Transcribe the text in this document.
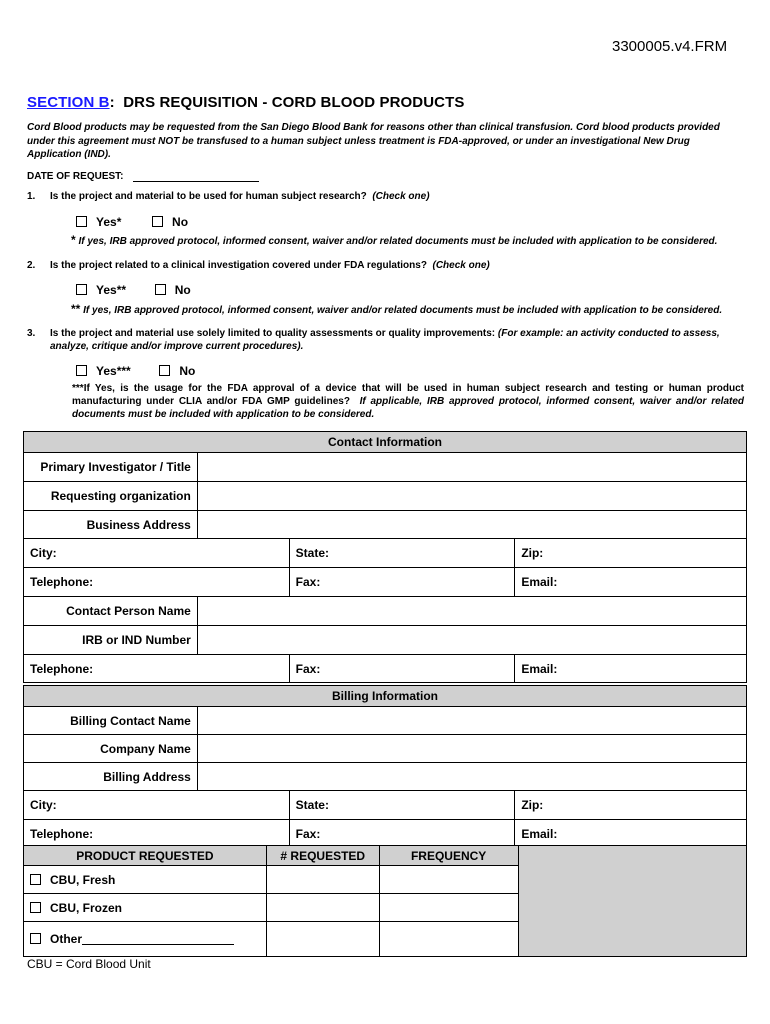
3300005.v4.FRM
SECTION B: DRS REQUISITION - CORD BLOOD PRODUCTS
Cord Blood products may be requested from the San Diego Blood Bank for reasons other than clinical transfusion. Cord blood products provided under this agreement must NOT be transfused to a human subject unless treatment is FDA-approved, or under an investigational New Drug Application (IND).
DATE OF REQUEST:
1. Is the project and material to be used for human subject research? (Check one)
Yes*	No
* If yes, IRB approved protocol, informed consent, waiver and/or related documents must be included with application to be considered.
2. Is the project related to a clinical investigation covered under FDA regulations? (Check one)
Yes**	No
** If yes, IRB approved protocol, informed consent, waiver and/or related documents must be included with application to be considered.
3. Is the project and material use solely limited to quality assessments or quality improvements: (For example: an activity conducted to assess, analyze, critique and/or improve current procedures).
Yes***	No
***If Yes, is the usage for the FDA approval of a device that will be used in human subject research and testing or human product manufacturing under CLIA and/or FDA GMP guidelines? If applicable, IRB approved protocol, informed consent, waiver and/or related documents must be included with application to be considered.
Contact Information			
Primary Investigator / Title			
Requesting organization			
Business Address			
City:		State:	Zip:
Telephone:		Fax:	Email:
Contact Person Name			
IRB or IND Number			
Telephone:		Fax:	Email:
Billing Information			
Billing Contact Name			
Company Name			
Billing Address			
City:		State:	Zip:
Telephone:		Fax:	Email:
PRODUCT REQUESTED	# REQUESTED	FREQUENCY	
CBU, Fresh			
CBU, Frozen			
Other			
CBU = Cord Blood Unit
